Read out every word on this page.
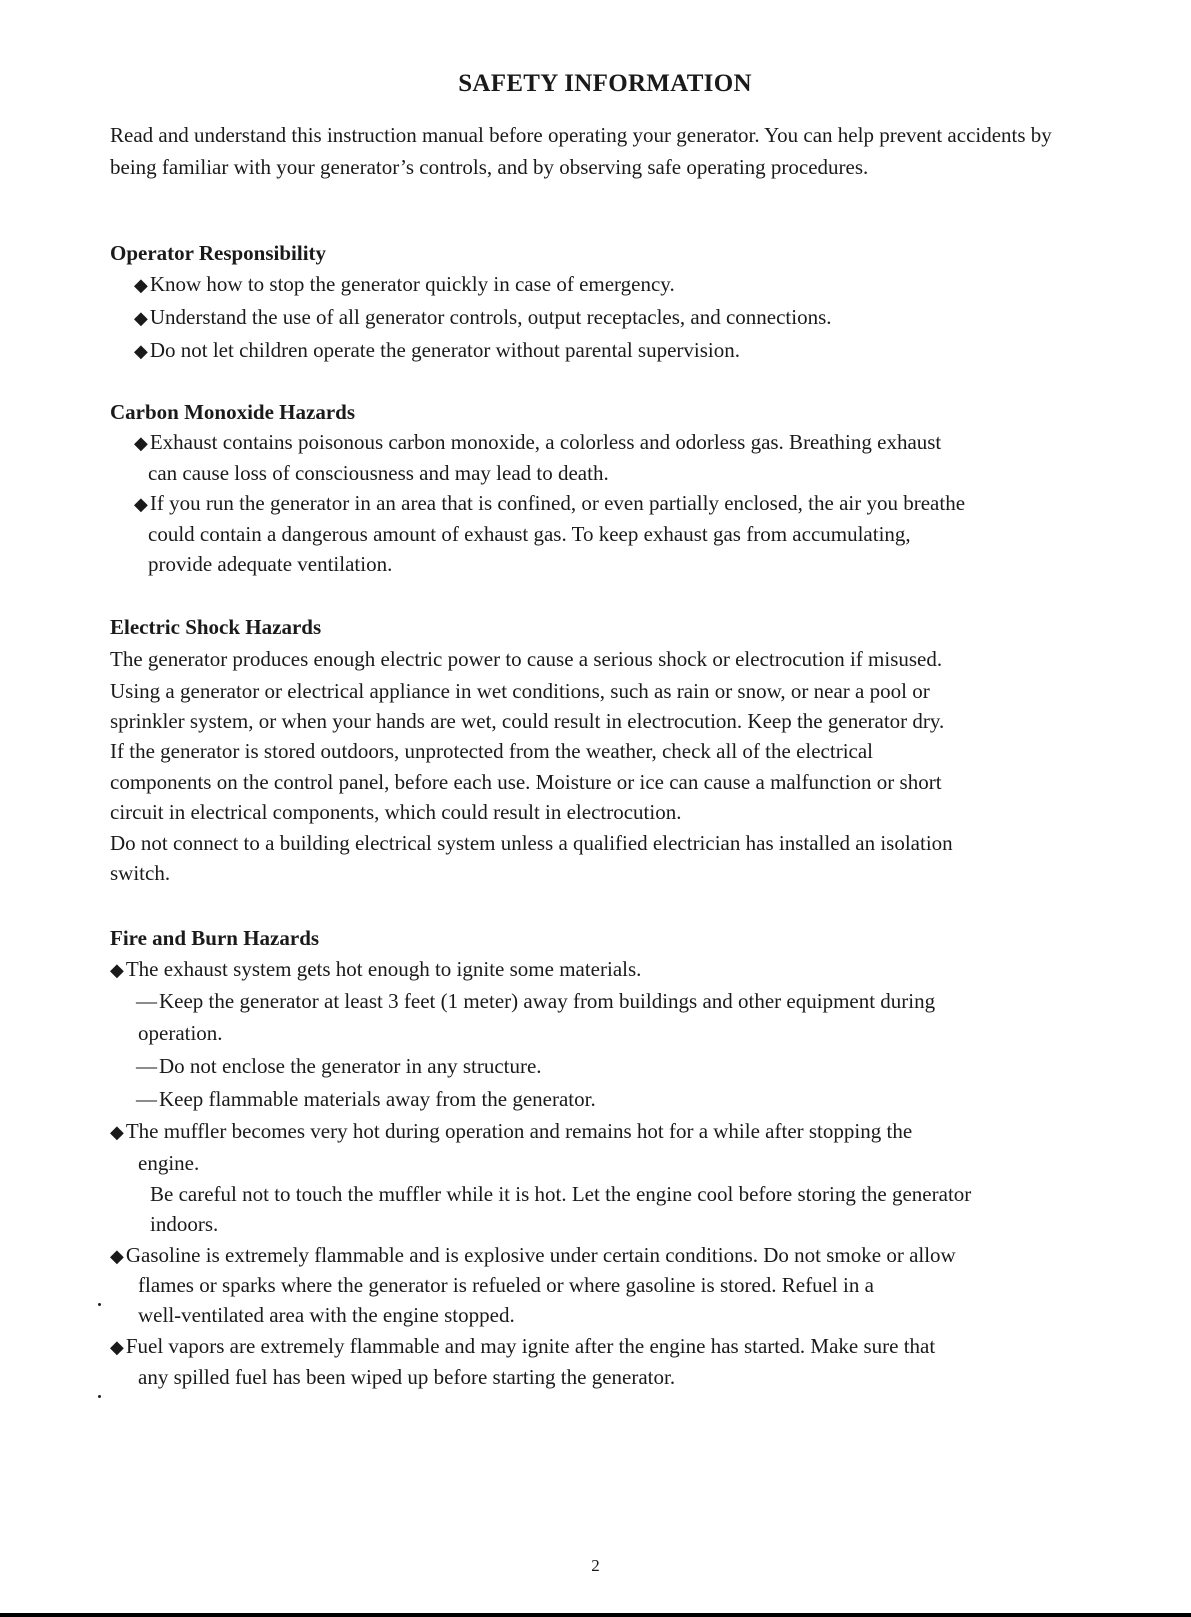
SAFETY INFORMATION
Read and understand this instruction manual before operating your generator. You can help prevent accidents by being familiar with your generator’s controls, and by observing safe operating procedures.
Operator Responsibility
◆Know how to stop the generator quickly in case of emergency.
◆Understand the use of all generator controls, output receptacles, and connections.
◆Do not let children operate the generator without parental supervision.
Carbon Monoxide Hazards
◆Exhaust contains poisonous carbon monoxide, a colorless and odorless gas. Breathing exhaust
can cause loss of consciousness and may lead to death.
◆If you run the generator in an area that is confined, or even partially enclosed, the air you breathe
could contain a dangerous amount of exhaust gas. To keep exhaust gas from accumulating,
provide adequate ventilation.
Electric Shock Hazards
The generator produces enough electric power to cause a serious shock or electrocution if misused.
Using a generator or electrical appliance in wet conditions, such as rain or snow, or near a pool or
sprinkler system, or when your hands are wet, could result in electrocution. Keep the generator dry.
If the generator is stored outdoors, unprotected from the weather, check all of the electrical
components on the control panel, before each use. Moisture or ice can cause a malfunction or short
circuit in electrical components, which could result in electrocution.
Do not connect to a building electrical system unless a qualified electrician has installed an isolation
switch.
Fire and Burn Hazards
◆The exhaust system gets hot enough to ignite some materials.
—Keep the generator at least 3 feet (1 meter) away from buildings and other equipment during
operation.
—Do not enclose the generator in any structure.
—Keep flammable materials away from the generator.
◆The muffler becomes very hot during operation and remains hot for a while after stopping the
engine.
Be careful not to touch the muffler while it is hot. Let the engine cool before storing the generator
indoors.
◆Gasoline is extremely flammable and is explosive under certain conditions. Do not smoke or allow
flames or sparks where the generator is refueled or where gasoline is stored. Refuel in a
well-ventilated area with the engine stopped.
◆Fuel vapors are extremely flammable and may ignite after the engine has started. Make sure that
any spilled fuel has been wiped up before starting the generator.
2
